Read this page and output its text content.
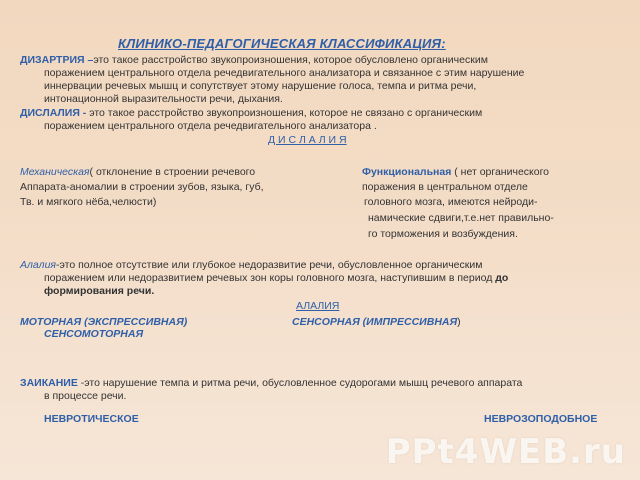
КЛИНИКО-ПЕДАГОГИЧЕСКАЯ КЛАССИФИКАЦИЯ:
ДИЗАРТРИЯ –это такое расстройство звукопроизношения, которое обусловлено органическим
поражением центрального отдела речедвигательного анализатора и связанное с этим нарушение
иннервации речевых мышц и сопутствует этому нарушение голоса, темпа и ритма речи,
интонационной выразительности речи, дыхания.
ДИСЛАЛИЯ - это такое расстройство звукопроизношения, которое не связано с органическим
поражением центрального отдела речедвигательного анализатора .
Д И С Л А Л И Я
Механическая( отклонение в строении речевого
Аппарата-аномалии в строении зубов, языка, губ,
Тв. и мягкого нёба,челюсти)
Функциональная ( нет органического
поражения в центральном отделе
головного мозга, имеются нейроди-
намические сдвиги,т.е.нет правильно-
го торможения и возбуждения.
Алалия-это полное отсутствие или глубокое недоразвитие речи, обусловленное органическим
поражением или недоразвитием речевых зон коры головного мозга, наступившим в период до
формирования речи.
АЛАЛИЯ
МОТОРНАЯ (ЭКСПРЕССИВНАЯ)	СЕНСОРНАЯ (ИМПРЕССИВНАЯ)
СЕНСОМОТОРНАЯ
ЗАИКАНИЕ -это нарушение темпа и ритма речи, обусловленное судорогами мышц речевого аппарата
в процессе речи.
НЕВРОТИЧЕСКОЕ	НЕВРОЗОПОДОБНОЕ
PPt4WEB.ru
